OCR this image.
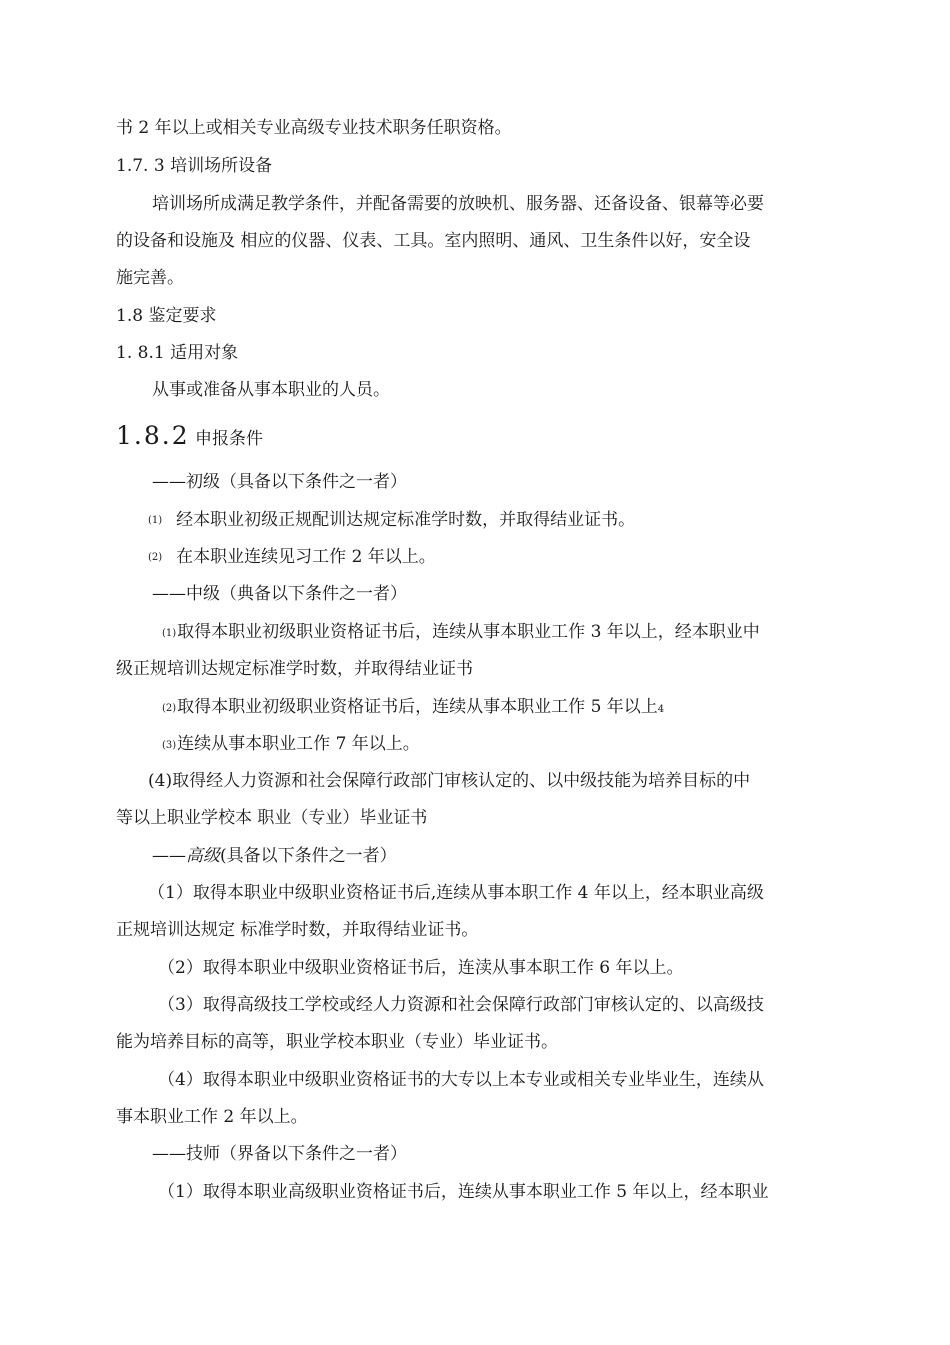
书 2 年以上或相关专业高级专业技术职务任职资格。
1.7. 3 培训场所设备
培训场所成满足教学条件，并配备需要的放映机、服务器、还备设备、银幕等必要
的设备和设施及 相应的仪器、仪表、工具。室内照明、通风、卫生条件以好，安全设
施完善。
1.8 鉴定要求
1. 8.1 适用对象
从事或准备从事本职业的人员。
1.8.2 申报条件
——初级（具备以下条件之一者）
(1) 经本职业初级正规配训达规定标准学时数，并取得结业证书。
(2) 在本职业连续见习工作 2 年以上。
——中级（典备以下条件之一者）
(1)取得本职业初级职业资格证书后，连续从事本职业工作 3 年以上，经本职业中
级正规培训达规定标准学时数，并取得结业证书
(2)取得本职业初级职业资格证书后，连续从事本职业工作 5 年以上4
(3)连续从事本职业工作 7 年以上。
(4)取得经人力资源和社会保障行政部门审核认定的、以中级技能为培养目标的中
等以上职业学校本 职业（专业）毕业证书
——高级(具备以下条件之一者）
（1）取得本职业中级职业资格证书后,连续从事本职工作 4 年以上，经本职业高级
正规培训达规定 标准学时数，并取得结业证书。
（2）取得本职业中级职业资格证书后，连渎从事本职工作 6 年以上。
（3）取得高级技工学校或经人力资源和社会保障行政部门审核认定的、以高级技
能为培养目标的高等，职业学校本职业（专业）毕业证书。
（4）取得本职业中级职业资格证书的大专以上本专业或相关专业毕业生，连续从
事本职业工作 2 年以上。
——技师（界备以下条件之一者）
（1）取得本职业高级职业资格证书后，连续从事本职业工作 5 年以上，经本职业
